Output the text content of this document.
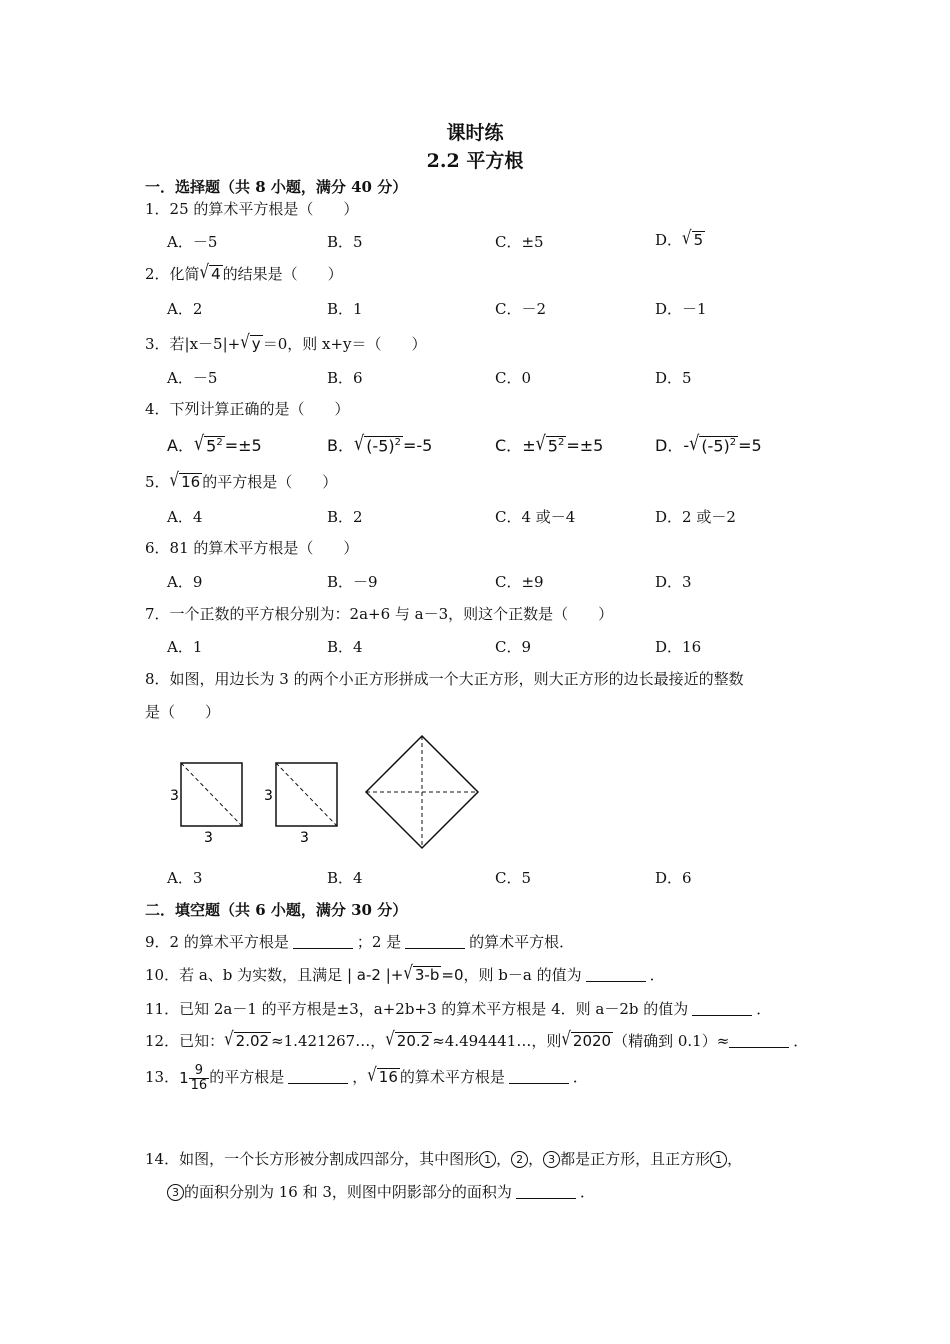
课时练
2.2 平方根
一．选择题（共 8 小题，满分 40 分）
1．25 的算术平方根是（　　）
A．－5	B．5	C．±5	D．√ 5
2．化简√ 4 的结果是（　　）
A．2	B．1	C．－2	D．－1
3．若|x－5|+√ y ＝0，则 x+y＝（　　）
A．－5	B．6	C．0	D．5
4．下列计算正确的是（　　）
A．√ $5^2 =\pm 5$	B．√ $(-5)^2 =-5$	C．±√ $5^2 =\pm 5$	D．-√ $(-5)^2 =5$
5．√ 16 的平方根是（　　）
A．4	B．2	C．4 或－4	D．2 或－2
6．81 的算术平方根是（　　）
A．9	B．－9	C．±9	D．3
7．一个正数的平方根分别为：2a+6 与 a－3，则这个正数是（　　）
A．1	B．4	C．9	D．16
8．如图，用边长为 3 的两个小正方形拼成一个大正方形，则大正方形的边长最接近的整数
是（　　）
3
3
3
3
A．3	B．4	C．5	D．6
二．填空题（共 6 小题，满分 30 分）
9．2 的算术平方根是	；2 是	的算术平方根．
10．若 a、b 为实数，且满足 | a-2 |+√ 3-b =0，则 b－a 的值为	．
11．已知 2a－1 的平方根是±3，a+2b+3 的算术平方根是 4．则 a－2b 的值为	．
12．已知：√ 2.02 ≈1.421267…，√ 20.2 ≈4.494441…，则√ 2020 （精确到 0.1）≈	．
13．$1 \frac{9}{16}$ 的平方根是	，√ 16 的算术平方根是	．
14．如图，一个长方形被分割成四部分，其中图形 1 ， 2 ， 3 都是正方形，且正方形 1 ，
3 的面积分别为 16 和 3，则图中阴影部分的面积为	．
